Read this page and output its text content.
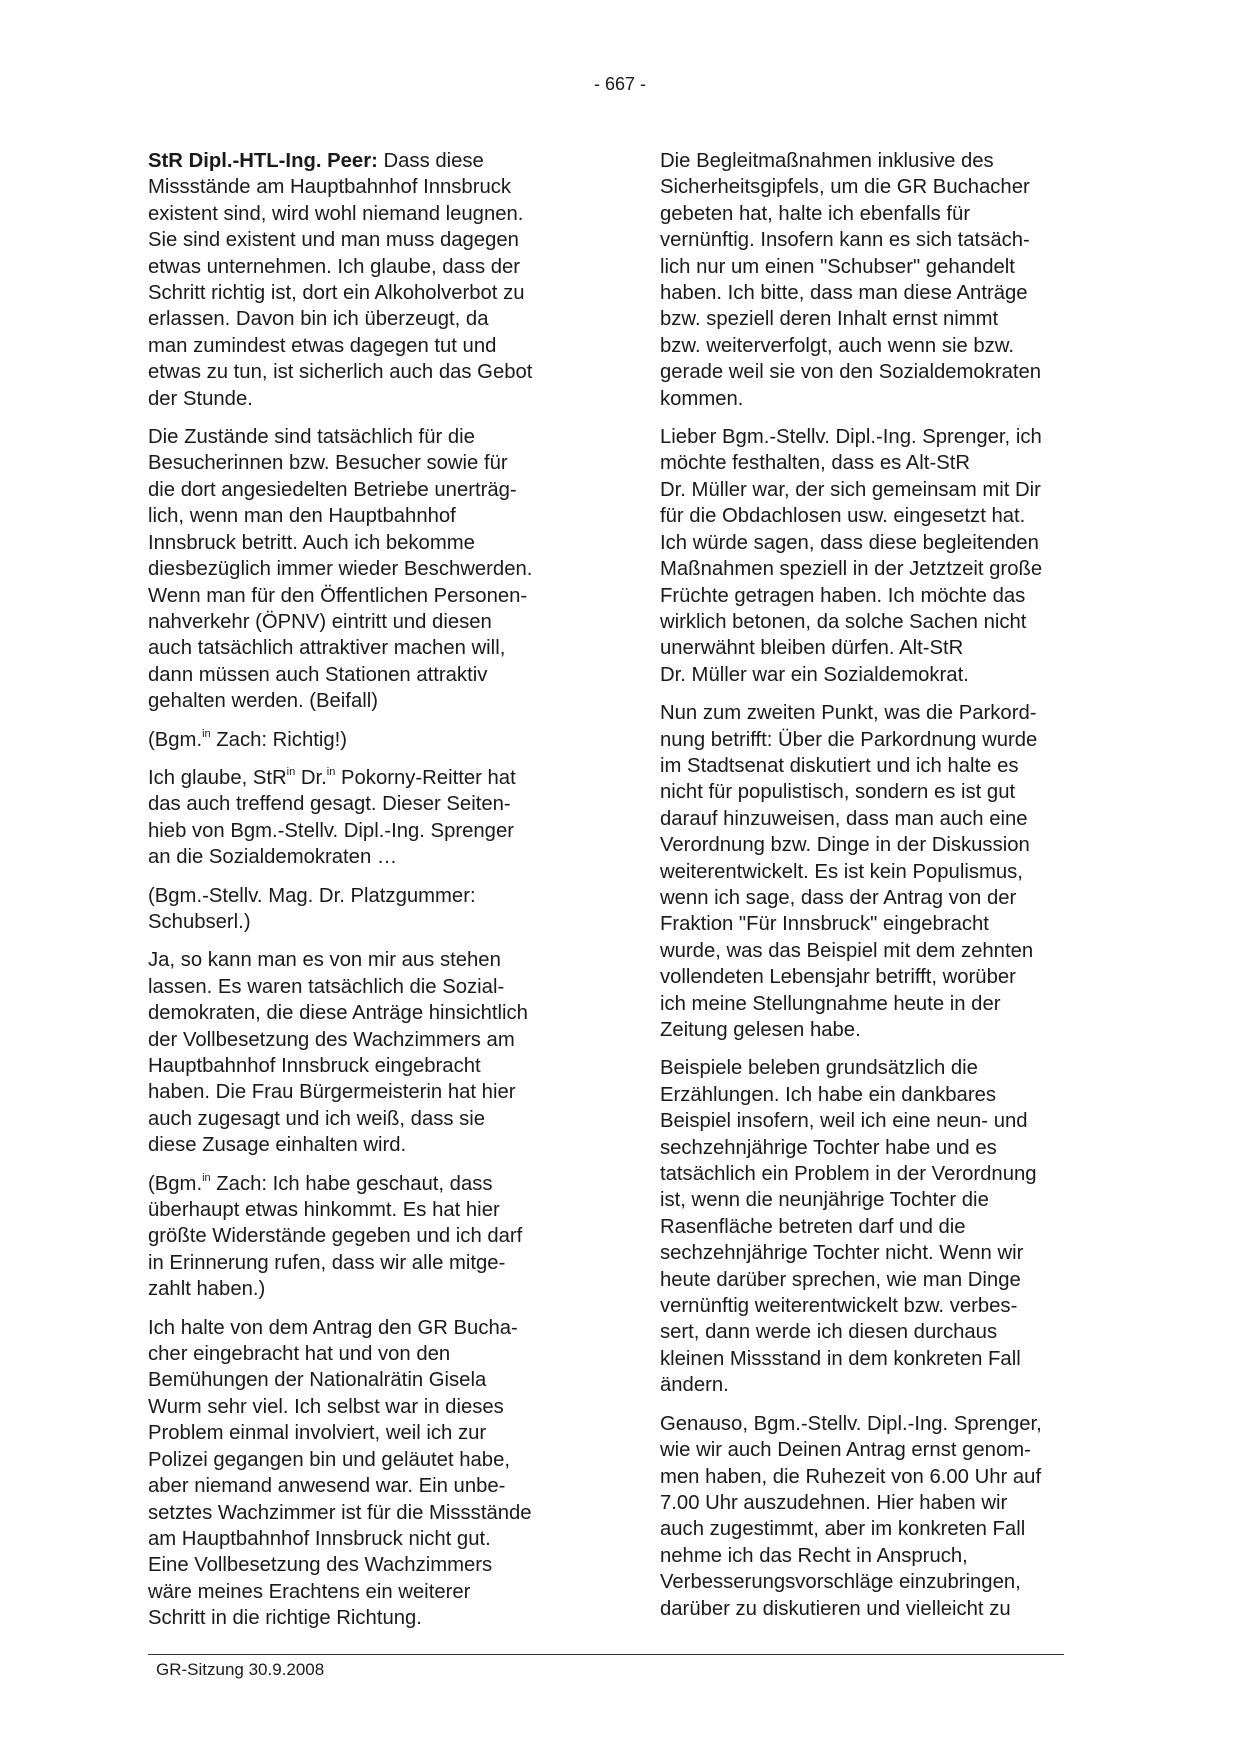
- 667 -

StR Dipl.-HTL-Ing. Peer: Dass diese
Missstände am Hauptbahnhof Innsbruck
existent sind, wird wohl niemand leugnen.
Sie sind existent und man muss dagegen
etwas unternehmen. Ich glaube, dass der
Schritt richtig ist, dort ein Alkoholverbot zu
erlassen. Davon bin ich überzeugt, da
man zumindest etwas dagegen tut und
etwas zu tun, ist sicherlich auch das Gebot
der Stunde.

Die Zustände sind tatsächlich für die
Besucherinnen bzw. Besucher sowie für
die dort angesiedelten Betriebe unerträg-
lich, wenn man den Hauptbahnhof
Innsbruck betritt. Auch ich bekomme
diesbezüglich immer wieder Beschwerden.
Wenn man für den Öffentlichen Personen-
nahverkehr (ÖPNV) eintritt und diesen
auch tatsächlich attraktiver machen will,
dann müssen auch Stationen attraktiv
gehalten werden. (Beifall)

(Bgm.$^{in}$ Zach: Richtig!)

Ich glaube, StR$^{in}$ Dr.$^{in}$ Pokorny-Reitter hat
das auch treffend gesagt. Dieser Seiten-
hieb von Bgm.-Stellv. Dipl.-Ing. Sprenger
an die Sozialdemokraten …

(Bgm.-Stellv. Mag. Dr. Platzgummer:
Schubserl.)

Ja, so kann man es von mir aus stehen
lassen. Es waren tatsächlich die Sozial-
demokraten, die diese Anträge hinsichtlich
der Vollbesetzung des Wachzimmers am
Hauptbahnhof Innsbruck eingebracht
haben. Die Frau Bürgermeisterin hat hier
auch zugesagt und ich weiß, dass sie
diese Zusage einhalten wird.

(Bgm.$^{in}$ Zach: Ich habe geschaut, dass
überhaupt etwas hinkommt. Es hat hier
größte Widerstände gegeben und ich darf
in Erinnerung rufen, dass wir alle mitge-
zahlt haben.)

Ich halte von dem Antrag den GR Bucha-
cher eingebracht hat und von den
Bemühungen der Nationalrätin Gisela
Wurm sehr viel. Ich selbst war in dieses
Problem einmal involviert, weil ich zur
Polizei gegangen bin und geläutet habe,
aber niemand anwesend war. Ein unbe-
setztes Wachzimmer ist für die Missstände
am Hauptbahnhof Innsbruck nicht gut.
Eine Vollbesetzung des Wachzimmers
wäre meines Erachtens ein weiterer
Schritt in die richtige Richtung.

Die Begleitmaßnahmen inklusive des
Sicherheitsgipfels, um die GR Buchacher
gebeten hat, halte ich ebenfalls für
vernünftig. Insofern kann es sich tatsäch-
lich nur um einen "Schubser" gehandelt
haben. Ich bitte, dass man diese Anträge
bzw. speziell deren Inhalt ernst nimmt
bzw. weiterverfolgt, auch wenn sie bzw.
gerade weil sie von den Sozialdemokraten
kommen.

Lieber Bgm.-Stellv. Dipl.-Ing. Sprenger, ich
möchte festhalten, dass es Alt-StR
Dr. Müller war, der sich gemeinsam mit Dir
für die Obdachlosen usw. eingesetzt hat.
Ich würde sagen, dass diese begleitenden
Maßnahmen speziell in der Jetztzeit große
Früchte getragen haben. Ich möchte das
wirklich betonen, da solche Sachen nicht
unerwähnt bleiben dürfen. Alt-StR
Dr. Müller war ein Sozialdemokrat.

Nun zum zweiten Punkt, was die Parkord-
nung betrifft: Über die Parkordnung wurde
im Stadtsenat diskutiert und ich halte es
nicht für populistisch, sondern es ist gut
darauf hinzuweisen, dass man auch eine
Verordnung bzw. Dinge in der Diskussion
weiterentwickelt. Es ist kein Populismus,
wenn ich sage, dass der Antrag von der
Fraktion "Für Innsbruck" eingebracht
wurde, was das Beispiel mit dem zehnten
vollendeten Lebensjahr betrifft, worüber
ich meine Stellungnahme heute in der
Zeitung gelesen habe.

Beispiele beleben grundsätzlich die
Erzählungen. Ich habe ein dankbares
Beispiel insofern, weil ich eine neun- und
sechzehnjährige Tochter habe und es
tatsächlich ein Problem in der Verordnung
ist, wenn die neunjährige Tochter die
Rasenfläche betreten darf und die
sechzehnjährige Tochter nicht. Wenn wir
heute darüber sprechen, wie man Dinge
vernünftig weiterentwickelt bzw. verbes-
sert, dann werde ich diesen durchaus
kleinen Missstand in dem konkreten Fall
ändern.

Genauso, Bgm.-Stellv. Dipl.-Ing. Sprenger,
wie wir auch Deinen Antrag ernst genom-
men haben, die Ruhezeit von 6.00 Uhr auf
7.00 Uhr auszudehnen. Hier haben wir
auch zugestimmt, aber im konkreten Fall
nehme ich das Recht in Anspruch,
Verbesserungsvorschläge einzubringen,
darüber zu diskutieren und vielleicht zu

GR-Sitzung 30.9.2008
